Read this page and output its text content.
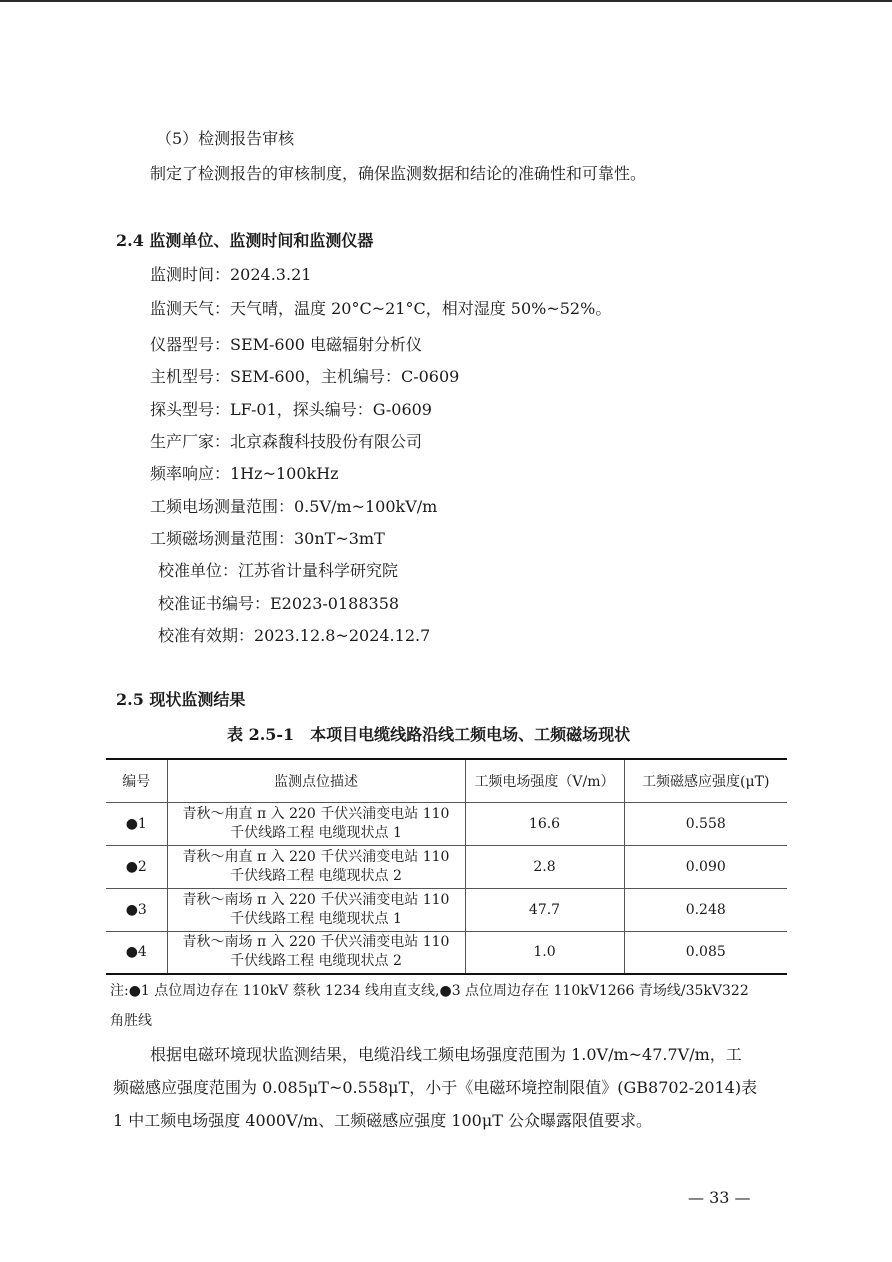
（5）检测报告审核
制定了检测报告的审核制度，确保监测数据和结论的准确性和可靠性。
2.4 监测单位、监测时间和监测仪器
监测时间：2024.3.21
监测天气：天气晴，温度 20°C~21°C，相对湿度 50%~52%。
仪器型号：SEM-600 电磁辐射分析仪
主机型号：SEM-600，主机编号：C-0609
探头型号：LF-01，探头编号：G-0609
生产厂家：北京森馥科技股份有限公司
频率响应：1Hz~100kHz
工频电场测量范围：0.5V/m~100kV/m
工频磁场测量范围：30nT~3mT
校准单位：江苏省计量科学研究院
校准证书编号：E2023-0188358
校准有效期：2023.12.8~2024.12.7
2.5 现状监测结果
表 2.5-1　本项目电缆线路沿线工频电场、工频磁场现状
编号	监测点位描述	工频电场强度（V/m）	工频磁感应强度(μT)
●1	青秋～甪直 π 入 220 千伏兴浦变电站 110
千伏线路工程 电缆现状点 1	16.6	0.558
●2	青秋～甪直 π 入 220 千伏兴浦变电站 110
千伏线路工程 电缆现状点 2	2.8	0.090
●3	青秋～南场 π 入 220 千伏兴浦变电站 110
千伏线路工程 电缆现状点 1	47.7	0.248
●4	青秋～南场 π 入 220 千伏兴浦变电站 110
千伏线路工程 电缆现状点 2	1.0	0.085
注:●1 点位周边存在 110kV 蔡秋 1234 线甪直支线,●3 点位周边存在 110kV1266 青场线/35kV322
角胜线
根据电磁环境现状监测结果，电缆沿线工频电场强度范围为 1.0V/m~47.7V/m，工
频磁感应强度范围为 0.085μT~0.558μT，小于《电磁环境控制限值》(GB8702-2014)表
1 中工频电场强度 4000V/m、工频磁感应强度 100μT 公众曝露限值要求。
— 33 —
